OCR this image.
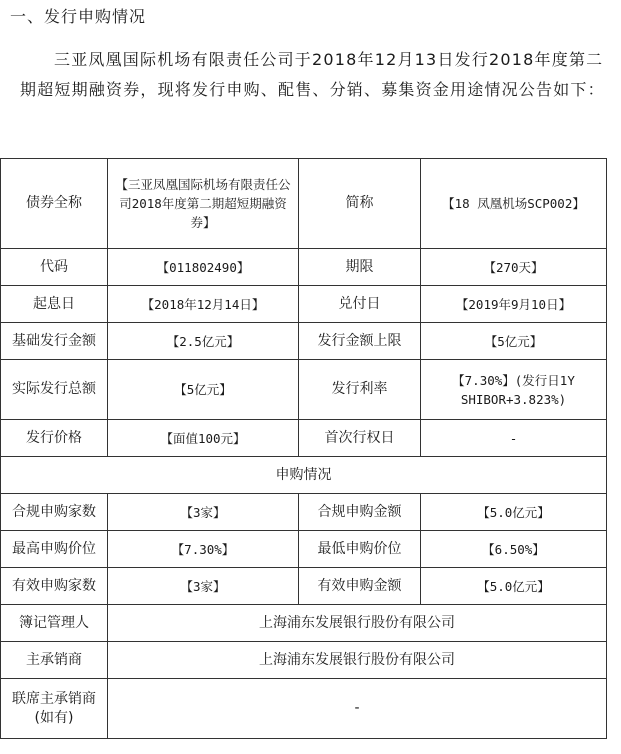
一、发行申购情况
三亚凤凰国际机场有限责任公司于2018年12月13日发行2018年度第二期超短期融资券，现将发行申购、配售、分销、募集资金用途情况公告如下：
债券全称	【三亚凤凰国际机场有限责任公司2018年度第二期超短期融资券】	简称	【18 凤凰机场SCP002】
代码	【011802490】	期限	【270天】
起息日	【2018年12月14日】	兑付日	【2019年9月10日】
基础发行金额	【2.5亿元】	发行金额上限	【5亿元】
实际发行总额	【5亿元】	发行利率	【7.30%】(发行日1Y SHIBOR+3.823%)
发行价格	【面值100元】	首次行权日	-
申购情况			
合规申购家数	【3家】	合规申购金额	【5.0亿元】
最高申购价位	【7.30%】	最低申购价位	【6.50%】
有效申购家数	【3家】	有效申购金额	【5.0亿元】
簿记管理人	上海浦东发展银行股份有限公司		
主承销商	上海浦东发展银行股份有限公司		
联席主承销商(如有)	-		
